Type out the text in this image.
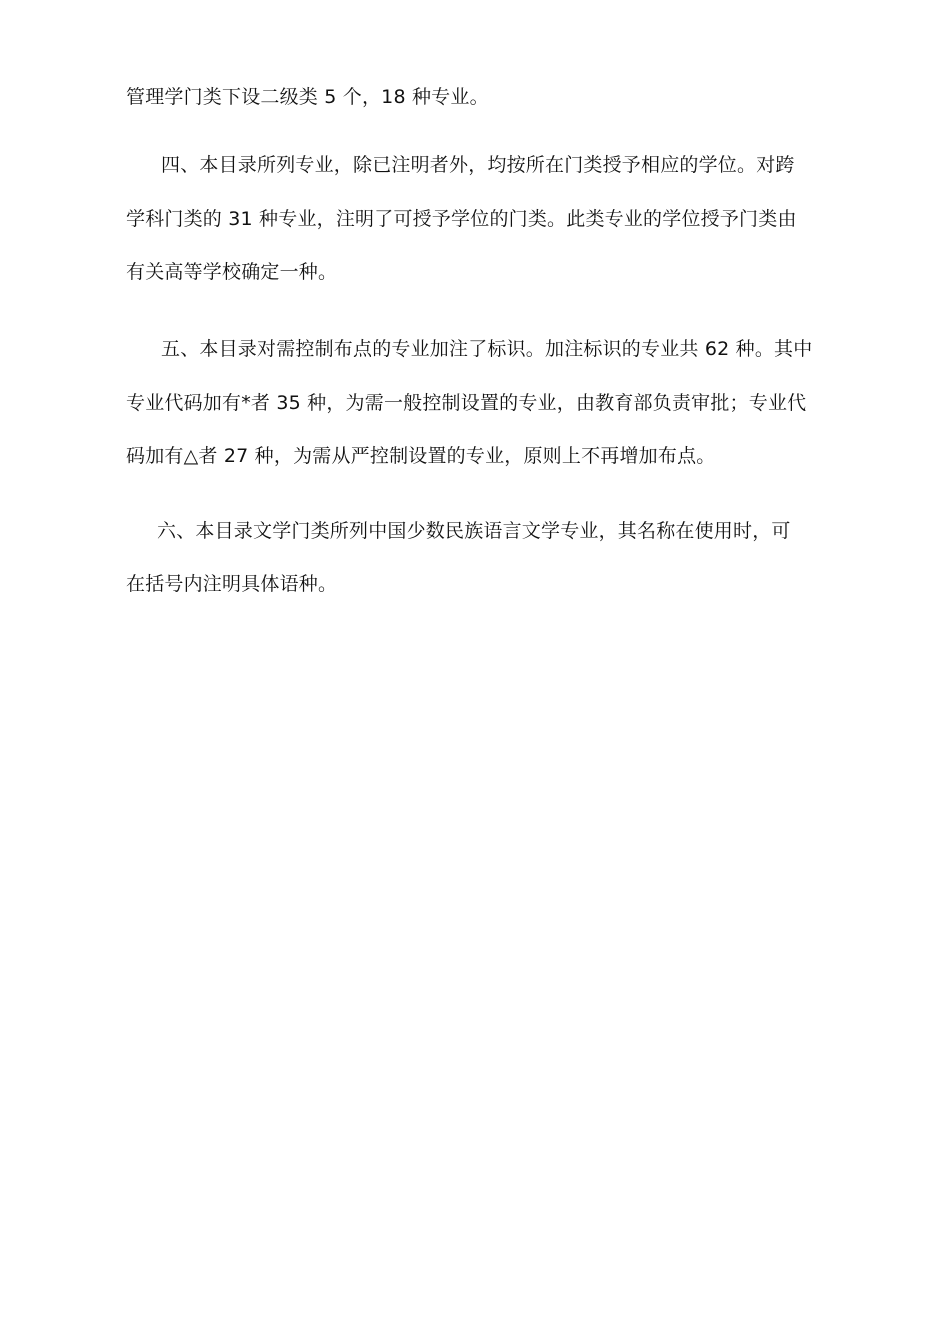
管理学门类下设二级类 5 个，18 种专业。
四、本目录所列专业，除已注明者外，均按所在门类授予相应的学位。对跨
学科门类的 31 种专业，注明了可授予学位的门类。此类专业的学位授予门类由
有关高等学校确定一种。
五、本目录对需控制布点的专业加注了标识。加注标识的专业共 62 种。其中
专业代码加有*者 35 种，为需一般控制设置的专业，由教育部负责审批；专业代
码加有△者 27 种，为需从严控制设置的专业，原则上不再增加布点。
六、本目录文学门类所列中国少数民族语言文学专业，其名称在使用时，可
在括号内注明具体语种。
